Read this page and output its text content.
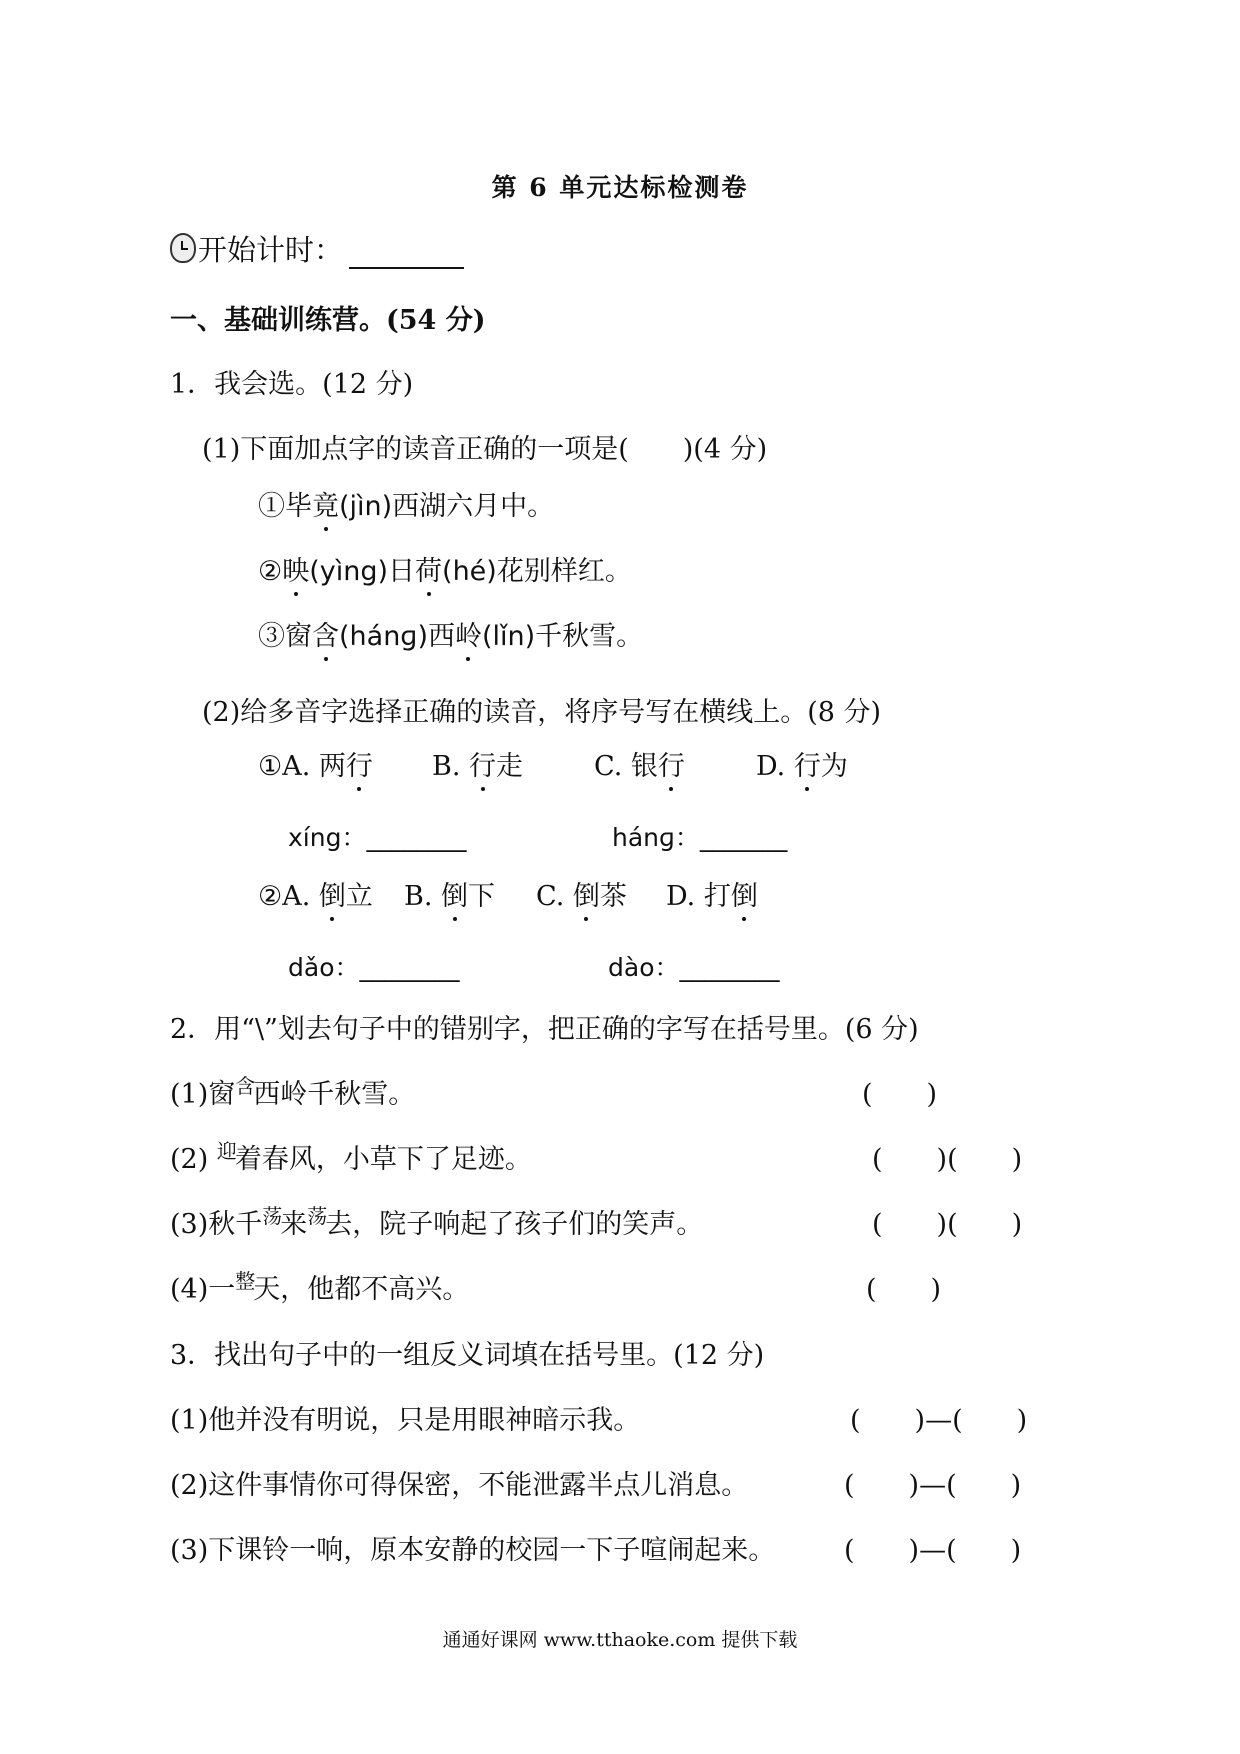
第 6 单元达标检测卷
开始计时：
一、基础训练营。(54 分)
1．我会选。(12 分)
(1)下面加点字的读音正确的一项是(　　)(4 分)
①毕竟(jìn)西湖六月中。
②映(yìng)日荷(hé)花别样红。
③窗含(hánɡ)西岭(lǐn)千秋雪。
(2)给多音字选择正确的读音，将序号写在横线上。(8 分)
①A. 两行 B. 行走	C. 银行	D. 行为
xíng：________	hánɡ：_______
②A. 倒立 B. 倒下 C. 倒茶 D. 打倒
dǎo：________	dào：________
2．用“\”划去句子中的错别字，把正确的字写在括号里。(6 分)
(1)窗$^含$西岭千秋雪。	(　　)
(2) $^迎$着春风，小草下了足迹。	(　　)(　　)
(3)秋千$^荡$来$^荡$去，院子响起了孩子们的笑声。	(　　)(　　)
(4)一$^整$天，他都不高兴。	(　　)
3．找出句子中的一组反义词填在括号里。(12 分)
(1)他并没有明说，只是用眼神暗示我。	(　　)—(　　)
(2)这件事情你可得保密，不能泄露半点儿消息。	(　　)—(　　)
(3)下课铃一响，原本安静的校园一下子喧闹起来。	(　　)—(　　)
通通好课网 www.tthaoke.com 提供下载
